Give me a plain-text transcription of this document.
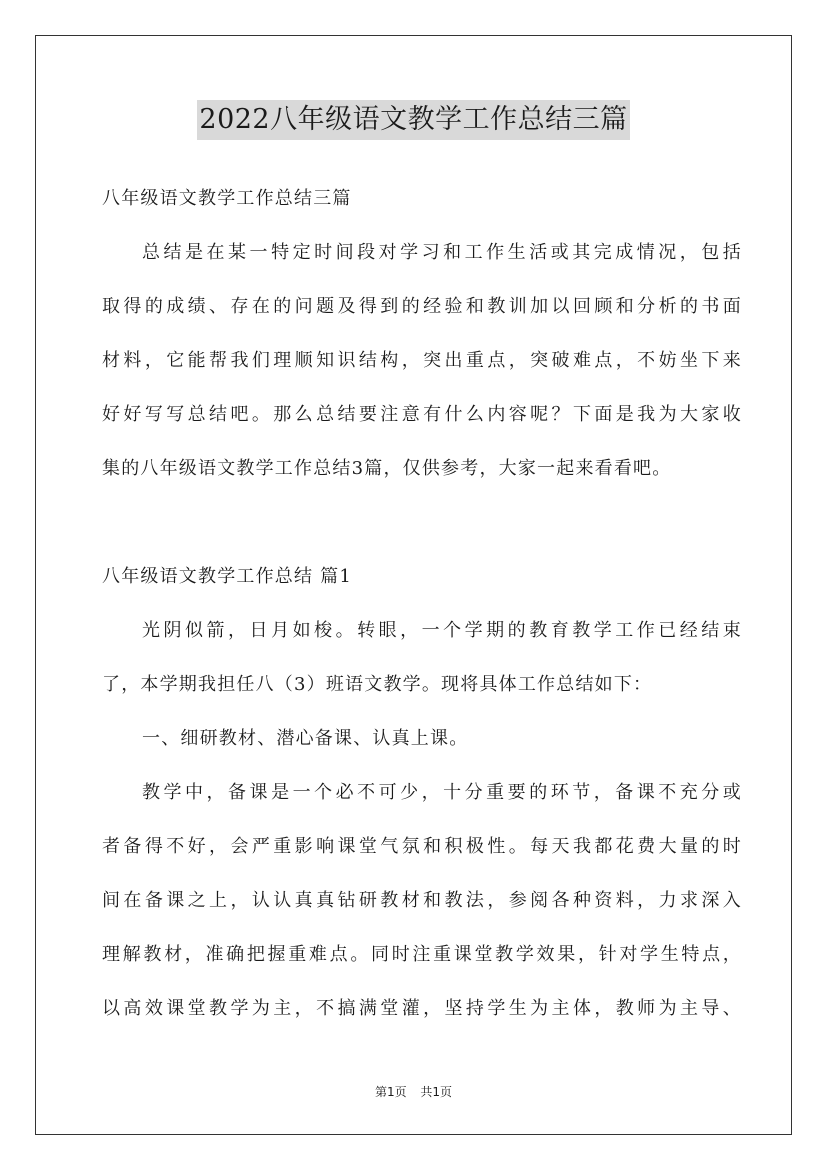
2022八年级语文教学工作总结三篇
八年级语文教学工作总结三篇
总结是在某一特定时间段对学习和工作生活或其完成情况，包括
取得的成绩、存在的问题及得到的经验和教训加以回顾和分析的书面
材料，它能帮我们理顺知识结构，突出重点，突破难点，不妨坐下来
好好写写总结吧。那么总结要注意有什么内容呢？下面是我为大家收
集的八年级语文教学工作总结3篇，仅供参考，大家一起来看看吧。
八年级语文教学工作总结 篇1
光阴似箭，日月如梭。转眼，一个学期的教育教学工作已经结束
了，本学期我担任八（3）班语文教学。现将具体工作总结如下：
一、细研教材、潜心备课、认真上课。
教学中，备课是一个必不可少，十分重要的环节，备课不充分或
者备得不好，会严重影响课堂气氛和积极性。每天我都花费大量的时
间在备课之上，认认真真钻研教材和教法，参阅各种资料，力求深入
理解教材，准确把握重难点。同时注重课堂教学效果，针对学生特点，
以高效课堂教学为主，不搞满堂灌，坚持学生为主体，教师为主导、
第1页 共1页
